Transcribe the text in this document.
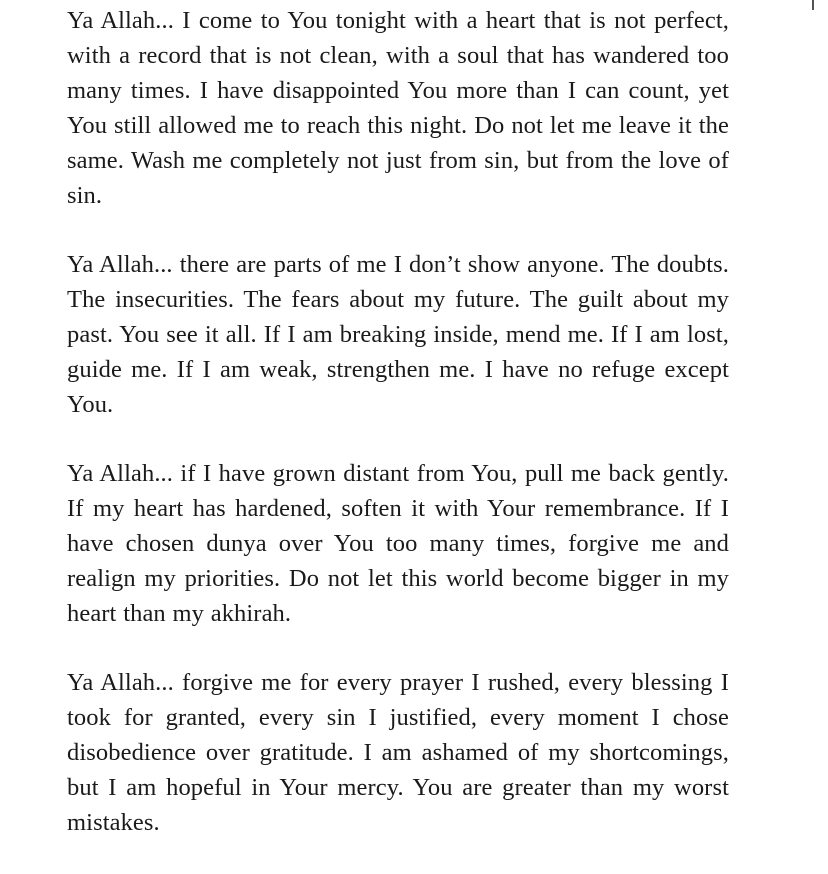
Ya Allah... I come to You tonight with a heart that is not perfect, with a record that is not clean, with a soul that has wandered too many times. I have disappointed You more than I can count, yet You still allowed me to reach this night. Do not let me leave it the same. Wash me completely not just from sin, but from the love of sin.

Ya Allah... there are parts of me I don’t show anyone. The doubts. The insecurities. The fears about my future. The guilt about my past. You see it all. If I am breaking inside, mend me. If I am lost, guide me. If I am weak, strengthen me. I have no refuge except You.

Ya Allah... if I have grown distant from You, pull me back gently. If my heart has hardened, soften it with Your remembrance. If I have chosen dunya over You too many times, forgive me and realign my priorities. Do not let this world become bigger in my heart than my akhirah.

Ya Allah... forgive me for every prayer I rushed, every blessing I took for granted, every sin I justified, every moment I chose disobedience over gratitude. I am ashamed of my shortcomings, but I am hopeful in Your mercy. You are greater than my worst mistakes.
